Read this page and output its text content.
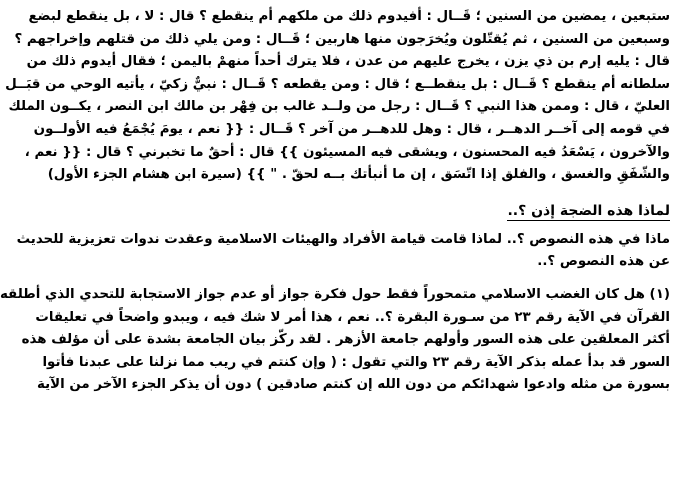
ستبعين ، يمضين من السنين ؛ قَــال : أفيدوم ذلك من ملكهم أم ينقطع ؟ قال : لا ، بل ينقطع لبضع
وسبعين من السنين ، ثم يُقتّلون ويُخرَجون منها هاربين ؛ قَــال : ومن يلي ذلك من قتلهم وإخراجهم ؟
قال : يليه إرم بن ذي يزن ، يخرج عليهم من عدن ، فلا يترك أحداً منهمْ باليمن ؛ فقال أيدوم ذلك من
سلطانه أم ينقطع ؟ قَــال : بل ينقطــع ؛ قال : ومن يقطعه ؟ قَــال : نبيٌّ زكيّ ، يأتيه الوحي من قبَــل
العليّ ، قال : وممن هذا النبي ؟ قَــال : رجل من ولــد غالب بن فِهْر بن مالك ابن النصر ، يكــون الملك
في قومه إلى آخــر الدهــر ، قال : وهل للدهــر من آخر ؟ قَــال : {{ نعم ، يومَ يُجْمَعُ فيه الأولــون
والآخرون ، يَسْعَدُ فيه المحسنون ، ويشقى فيه المسيئون }} قال : أحقٌ ما تخبرني ؟ قال : {{ نعم ،
والشّفَقِ والغسق ، والفلق إذا اتّسَق ، إن ما أنبأتك بــه لحقّ . " }} (سيرة ابن هشام الجزء الأول)
لماذا هذه الضجة إذن ؟..
ماذا في هذه النصوص ؟.. لماذا قامت قيامة الأفراد والهيئات الاسلامية وعقدت ندوات تعزيزية للحديث
عن هذه النصوص ؟..
(١) هل كان الغضب الاسلامي متمحوراً فقط حول فكرة جواز أو عدم جواز الاستجابة للتحدي الذي أطلقه
القرآن في الآية رقم ٢٣ من سـورة البقرة ؟.. نعم ، هذا أمر لا شك فيه ، ويبدو واضحاً في تعليقات
أكثر المعلقين على هذه السور وأولهم جامعة الأزهر . لقد ركّز بيان الجامعة بشدة على أن مؤلف هذه
السور قد بدأ عمله بذكر الآية رقم ٢٣ والتي تقول : ( وإن كنتم في ريب مما نزلنا على عبدنا فأتوا
بسورة من مثله وادعوا شهدائكم من دون الله إن كنتم صادقين ) دون أن يذكر الجزء الآخر من الآية
